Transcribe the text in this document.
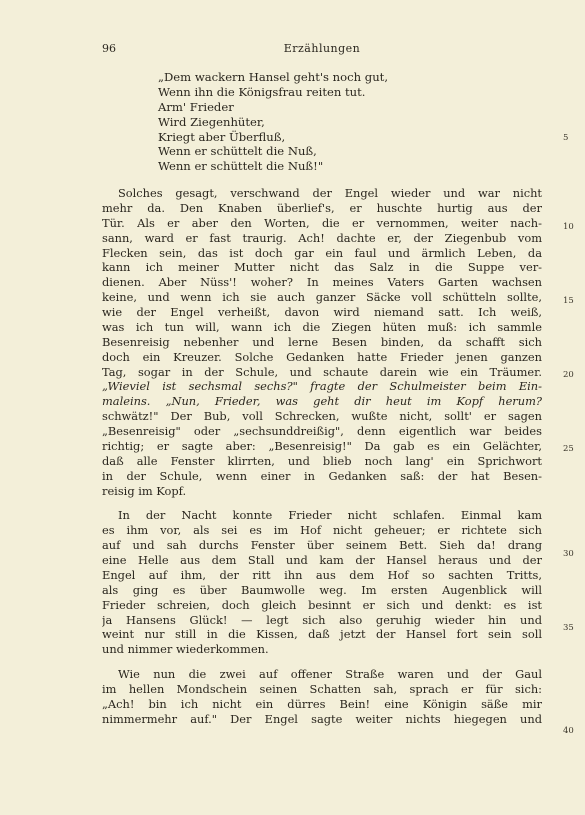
96	Erzählungen
„Dem wackern Hansel geht's noch gut,
Wenn ihn die Königsfrau reiten tut.
Arm' Frieder
Wird Ziegenhüter,
Kriegt aber Überfluß,
Wenn er schüttelt die Nuß,
Wenn er schüttelt die Nuß!"
Solches gesagt, verschwand der Engel wieder und war nicht
mehr da. Den Knaben überlief's, er huschte hurtig aus der
Tür. Als er aber den Worten, die er vernommen, weiter nach-
sann, ward er fast traurig. Ach! dachte er, der Ziegenbub vom
Flecken sein, das ist doch gar ein faul und ärmlich Leben, da
kann ich meiner Mutter nicht das Salz in die Suppe ver-
dienen. Aber Nüss'! woher? In meines Vaters Garten wachsen
keine, und wenn ich sie auch ganzer Säcke voll schütteln sollte,
wie der Engel verheißt, davon wird niemand satt. Ich weiß,
was ich tun will, wann ich die Ziegen hüten muß: ich sammle
Besenreisig nebenher und lerne Besen binden, da schafft sich
doch ein Kreuzer. Solche Gedanken hatte Frieder jenen ganzen
Tag, sogar in der Schule, und schaute darein wie ein Träumer.
„Wieviel ist sechsmal sechs?" fragte der Schulmeister beim Ein-
maleins. „Nun, Frieder, was geht dir heut im Kopf herum?
schwätz!" Der Bub, voll Schrecken, wußte nicht, sollt' er sagen
„Besenreisig" oder „sechsunddreißig", denn eigentlich war beides
richtig; er sagte aber: „Besenreisig!" Da gab es ein Gelächter,
daß alle Fenster klirrten, und blieb noch lang' ein Sprichwort
in der Schule, wenn einer in Gedanken saß: der hat Besen-
reisig im Kopf.
In der Nacht konnte Frieder nicht schlafen. Einmal kam
es ihm vor, als sei es im Hof nicht geheuer; er richtete sich
auf und sah durchs Fenster über seinem Bett. Sieh da! drang
eine Helle aus dem Stall und kam der Hansel heraus und der
Engel auf ihm, der ritt ihn aus dem Hof so sachten Tritts,
als ging es über Baumwolle weg. Im ersten Augenblick will
Frieder schreien, doch gleich besinnt er sich und denkt: es ist
ja Hansens Glück! — legt sich also geruhig wieder hin und
weint nur still in die Kissen, daß jetzt der Hansel fort sein soll
und nimmer wiederkommen.
Wie nun die zwei auf offener Straße waren und der Gaul
im hellen Mondschein seinen Schatten sah, sprach er für sich:
„Ach! bin ich nicht ein dürres Bein! eine Königin säße mir
nimmermehr auf." Der Engel sagte weiter nichts hiegegen und
5
10
15
20
25
30
35
40
